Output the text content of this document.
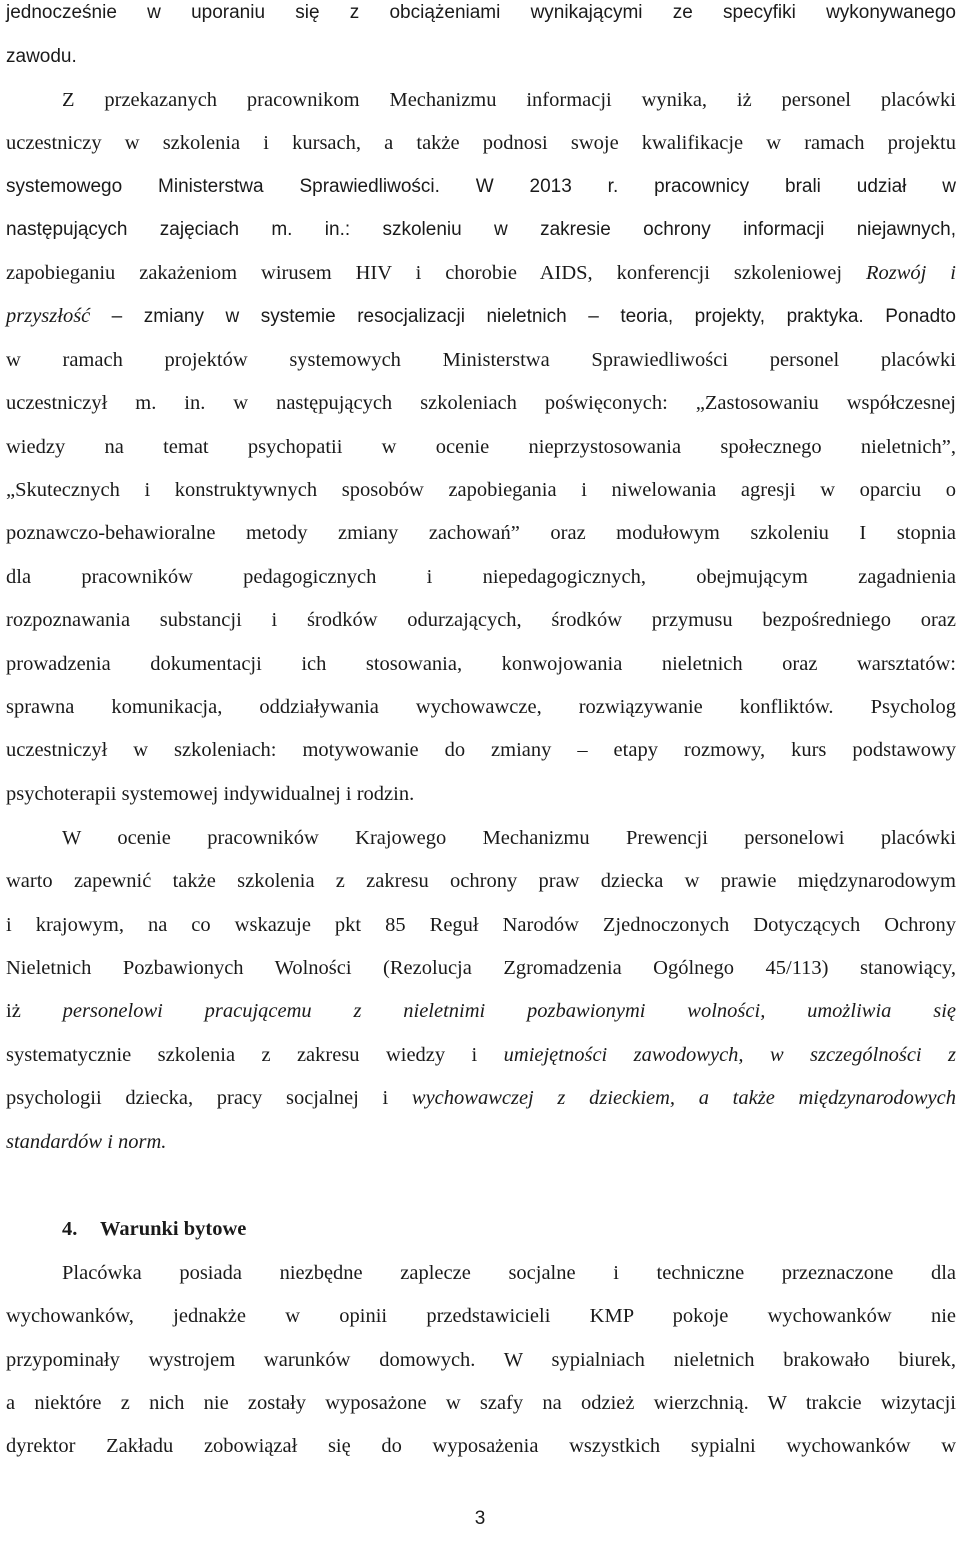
jednocześnie w uporaniu się z obciążeniami wynikającymi ze specyfiki wykonywanego
zawodu.
Z przekazanych pracownikom Mechanizmu informacji wynika, iż personel placówki
uczestniczy w szkolenia i kursach, a także podnosi swoje kwalifikacje w ramach projektu
systemowego Ministerstwa Sprawiedliwości. W 2013 r. pracownicy brali udział w
następujących zajęciach m. in.: szkoleniu w zakresie ochrony informacji niejawnych,
zapobieganiu zakażeniom wirusem HIV i chorobie AIDS, konferencji szkoleniowej Rozwój i
przyszłość – zmiany w systemie resocjalizacji nieletnich – teoria, projekty, praktyka. Ponadto
w ramach projektów systemowych Ministerstwa Sprawiedliwości personel placówki
uczestniczył m. in. w następujących szkoleniach poświęconych: „Zastosowaniu współczesnej
wiedzy na temat psychopatii w ocenie nieprzystosowania społecznego nieletnich”,
„Skutecznych i konstruktywnych sposobów zapobiegania i niwelowania agresji w oparciu o
poznawczo-behawioralne metody zmiany zachowań” oraz modułowym szkoleniu I stopnia
dla pracowników pedagogicznych i niepedagogicznych, obejmującym zagadnienia
rozpoznawania substancji i środków odurzających, środków przymusu bezpośredniego oraz
prowadzenia dokumentacji ich stosowania, konwojowania nieletnich oraz warsztatów:
sprawna komunikacja, oddziaływania wychowawcze, rozwiązywanie konfliktów. Psycholog
uczestniczył w szkoleniach: motywowanie do zmiany – etapy rozmowy, kurs podstawowy
psychoterapii systemowej indywidualnej i rodzin.
W ocenie pracowników Krajowego Mechanizmu Prewencji personelowi placówki
warto zapewnić także szkolenia z zakresu ochrony praw dziecka w prawie międzynarodowym
i krajowym, na co wskazuje pkt 85 Reguł Narodów Zjednoczonych Dotyczących Ochrony
Nieletnich Pozbawionych Wolności (Rezolucja Zgromadzenia Ogólnego 45/113) stanowiący,
iż personelowi pracującemu z nieletnimi pozbawionymi wolności, umożliwia się
systematycznie szkolenia z zakresu wiedzy i umiejętności zawodowych, w szczególności z
psychologii dziecka, pracy socjalnej i wychowawczej z dzieckiem, a także międzynarodowych
standardów i norm.
4. Warunki bytowe
Placówka posiada niezbędne zaplecze socjalne i techniczne przeznaczone dla
wychowanków, jednakże w opinii przedstawicieli KMP pokoje wychowanków nie
przypominały wystrojem warunków domowych. W sypialniach nieletnich brakowało biurek,
a niektóre z nich nie zostały wyposażone w szafy na odzież wierzchnią. W trakcie wizytacji
dyrektor Zakładu zobowiązał się do wyposażenia wszystkich sypialni wychowanków w
3
